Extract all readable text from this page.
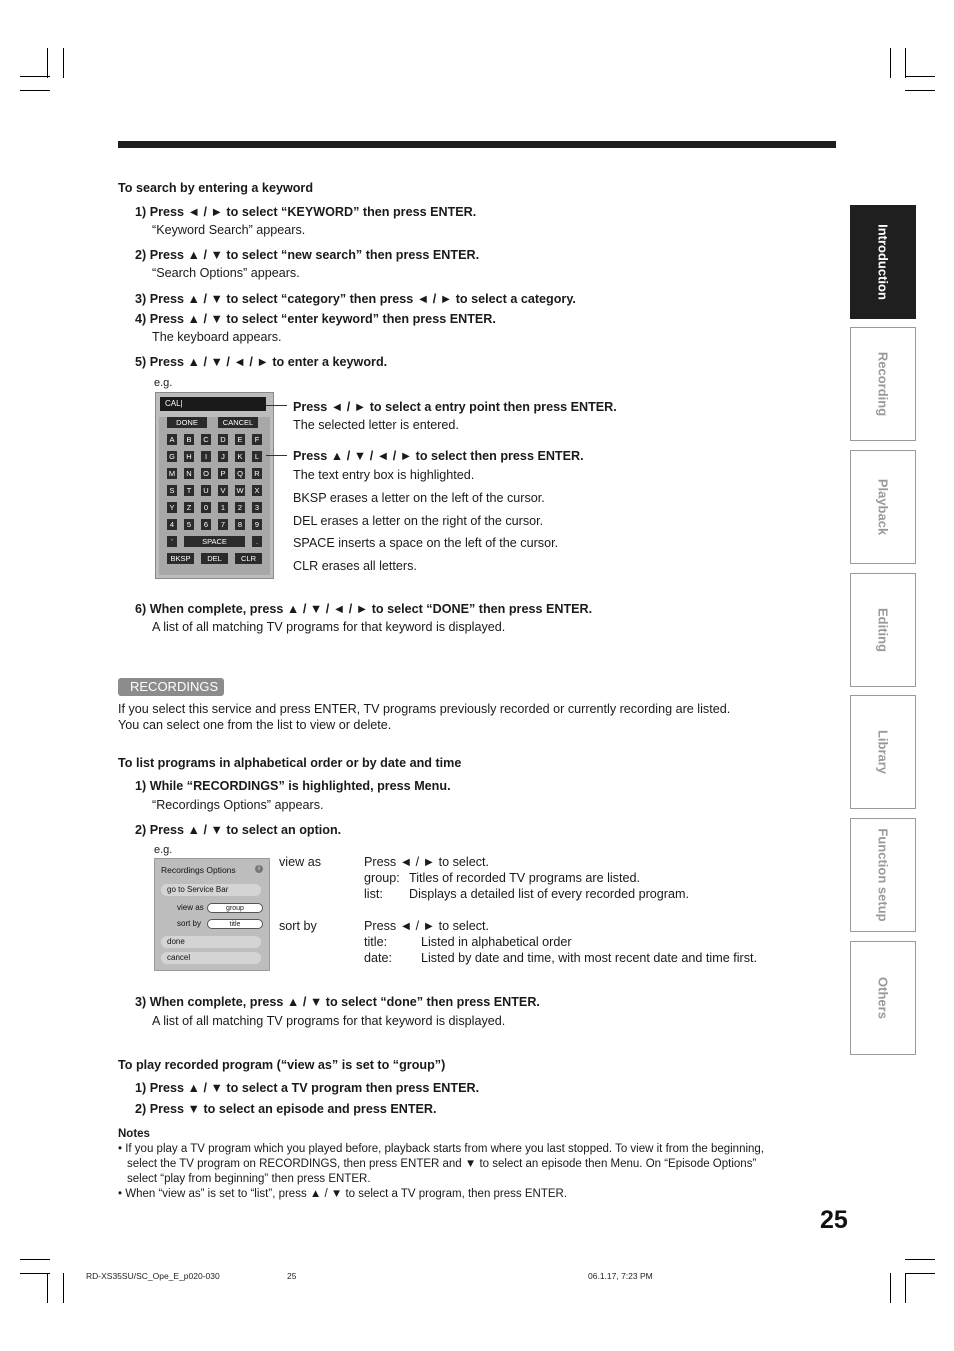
Introduction
Recording
Playback
Editing
Library
Function setup
Others
To search by entering a keyword
1) Press ◄ / ► to select “KEYWORD” then press ENTER.
“Keyword Search” appears.
2) Press ▲ / ▼ to select “new search” then press ENTER.
“Search Options” appears.
3) Press ▲ / ▼ to select “category” then press ◄ / ► to select a category.
4) Press ▲ / ▼ to select “enter keyword” then press ENTER.
The keyboard appears.
5) Press ▲ / ▼ / ◄ / ► to enter a keyword.
e.g.
CAL|
DONE	CANCEL
A	B	C	D	E	F
G	H	I	J	K	L
M	N	O	P	Q	R
S	T	U	V	W	X
Y	Z	0	1	2	3
4	5	6	7	8	9
'	SPACE	.
BKSP	DEL	CLR
Press ◄ / ► to select a entry point then press ENTER.
The selected letter is entered.
Press ▲ / ▼ / ◄ / ► to select then press ENTER.
The text entry box is highlighted.
BKSP erases a letter on the left of the cursor.
DEL erases a letter on the right of the cursor.
SPACE inserts a space on the left of the cursor.
CLR erases all letters.
6) When complete, press ▲ / ▼ / ◄ / ► to select “DONE” then press ENTER.
A list of all matching TV programs for that keyword is displayed.
RECORDINGS
If you select this service and press ENTER, TV programs previously recorded or currently recording are listed.
You can select one from the list to view or delete.
To list programs in alphabetical order or by date and time
1) While “RECORDINGS” is highlighted, press Menu.
“Recordings Options” appears.
2) Press ▲ / ▼ to select an option.
e.g.
Recordings Options	i
go to Service Bar
view as	group
sort by	title
done
cancel
view as	Press ◄ / ► to select.
group: Titles of recorded TV programs are listed.
list: Displays a detailed list of every recorded program.
sort by	Press ◄ / ► to select.
title:	Listed in alphabetical order
date: Listed by date and time, with most recent date and time first.
3) When complete, press ▲ / ▼ to select “done” then press ENTER.
A list of all matching TV programs for that keyword is displayed.
To play recorded program (“view as” is set to “group”)
1) Press ▲ / ▼ to select a TV program then press ENTER.
2) Press ▼ to select an episode and press ENTER.
Notes
• If you play a TV program which you played before, playback starts from where you last stopped. To view it from the beginning,
select the TV program on RECORDINGS, then press ENTER and ▼ to select an episode then Menu. On “Episode Options”
select “play from beginning” then press ENTER.
• When “view as” is set to “list”, press ▲ / ▼ to select a TV program, then press ENTER.
25
RD-XS35SU/SC_Ope_E_p020-030	25	06.1.17, 7:23 PM
